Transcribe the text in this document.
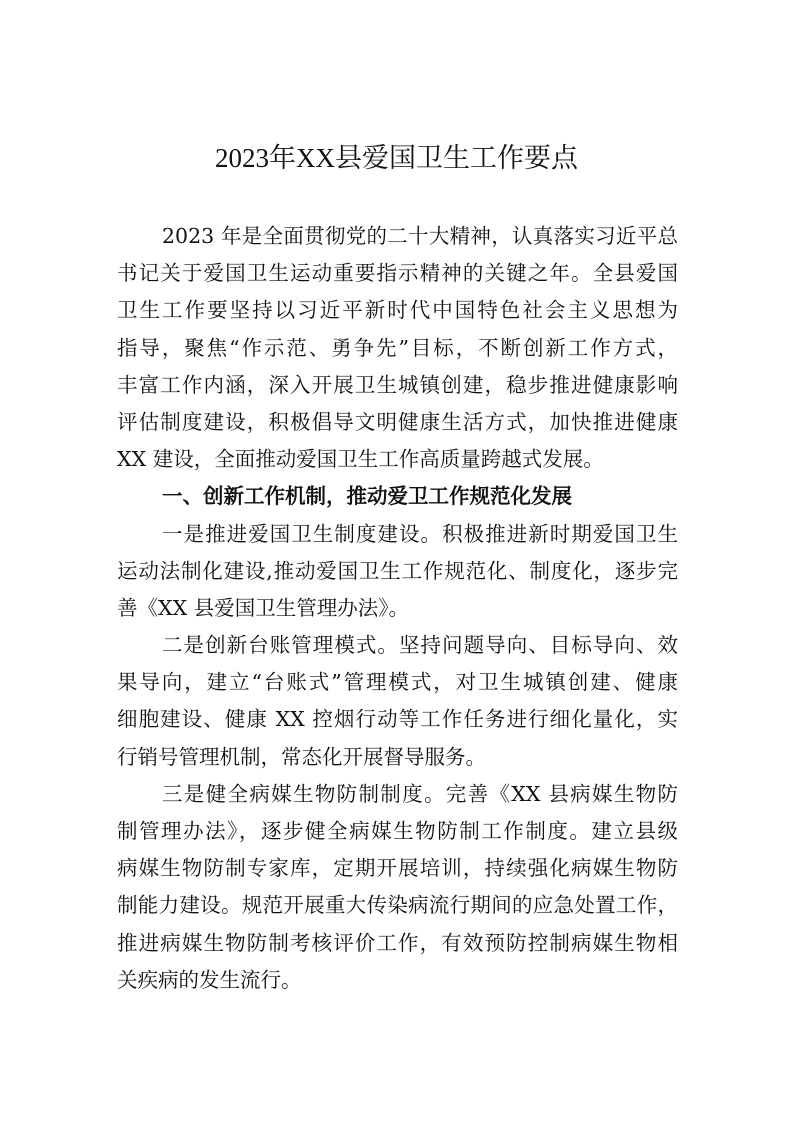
2023年XX县爱国卫生工作要点
2023 年是全面贯彻党的二十大精神，认真落实习近平总
书记关于爱国卫生运动重要指示精神的关键之年。全县爱国
卫生工作要坚持以习近平新时代中国特色社会主义思想为
指导，聚焦“作示范、勇争先”目标，不断创新工作方式，
丰富工作内涵，深入开展卫生城镇创建，稳步推进健康影响
评估制度建设，积极倡导文明健康生活方式，加快推进健康
XX 建设，全面推动爱国卫生工作高质量跨越式发展。
一、创新工作机制，推动爱卫工作规范化发展
一是推进爱国卫生制度建设。积极推进新时期爱国卫生
运动法制化建设,推动爱国卫生工作规范化、制度化，逐步完
善《XX 县爱国卫生管理办法》。
二是创新台账管理模式。坚持问题导向、目标导向、效
果导向，建立“台账式”管理模式，对卫生城镇创建、健康
细胞建设、健康 XX 控烟行动等工作任务进行细化量化，实
行销号管理机制，常态化开展督导服务。
三是健全病媒生物防制制度。完善《XX 县病媒生物防
制管理办法》，逐步健全病媒生物防制工作制度。建立县级
病媒生物防制专家库，定期开展培训，持续强化病媒生物防
制能力建设。规范开展重大传染病流行期间的应急处置工作，
推进病媒生物防制考核评价工作，有效预防控制病媒生物相
关疾病的发生流行。
